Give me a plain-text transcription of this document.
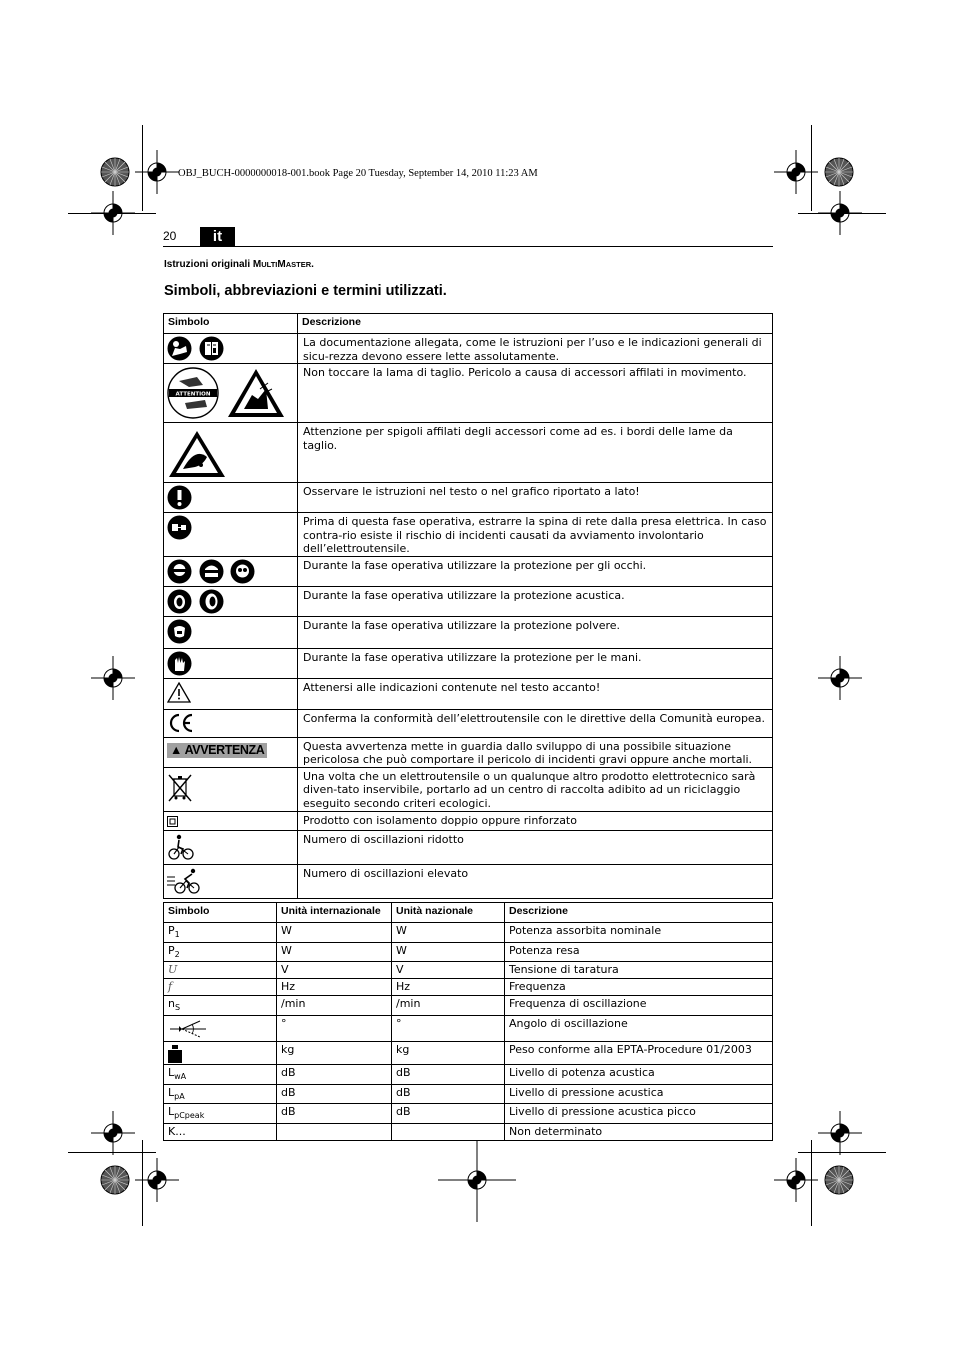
OBJ_BUCH-0000000018-001.book Page 20 Tuesday, September 14, 2010 11:23 AM
20	it
Istruzioni originali MULTIMASTER.
Simboli, abbreviazioni e termini utilizzati.
Simbolo	Descrizione

	La documentazione allegata, come le istruzioni per l’uso e le indicazioni generali di sicu-rezza devono essere lette assolutamente.

ATTENTION	Non toccare la lama di taglio. Pericolo a causa di accessori affilati in movimento.

	Attenzione per spigoli affilati degli accessori come ad es. i bordi delle lame da taglio.

	Osservare le istruzioni nel testo o nel grafico riportato a lato!

	Prima di questa fase operativa, estrarre la spina di rete dalla presa elettrica. In caso contra-rio esiste il rischio di incidenti causati da avviamento involontario dell’elettroutensile.

	Durante la fase operativa utilizzare la protezione per gli occhi.

	Durante la fase operativa utilizzare la protezione acustica.

	Durante la fase operativa utilizzare la protezione polvere.

	Durante la fase operativa utilizzare la protezione per le mani.

	Attenersi alle indicazioni contenute nel testo accanto!

	Conferma la conformità dell’elettroutensile con le direttive della Comunità europea.
▲ AVVERTENZA	Questa avvertenza mette in guardia dallo sviluppo di una possibile situazione pericolosa che può comportare il pericolo di incidenti gravi oppure anche mortali.

	Una volta che un elettroutensile o un qualunque altro prodotto elettrotecnico sarà diven-tato inservibile, portarlo ad un centro di raccolta adibito ad un riciclaggio eseguito secondo criteri ecologici.

	Prodotto con isolamento doppio oppure rinforzato

	Numero di oscillazioni ridotto

	Numero di oscillazioni elevato
Simbolo	Unità internazionale	Unità nazionale	Descrizione
$P_1$	W	W	Potenza assorbita nominale
$P_2$	W	W	Potenza resa
U	V	V	Tensione di taratura
f	Hz	Hz	Frequenza
$n_S$	/min	/min	Frequenza di oscillazione

	°	°	Angolo di oscillazione

	kg	kg	Peso conforme alla EPTA-Procedure 01/2003
$L_{wA}$	dB	dB	Livello di potenza acustica
$L_{pA}$	dB	dB	Livello di pressione acustica
$L_{pCpeak}$	dB	dB	Livello di pressione acustica picco
K...			Non determinato
